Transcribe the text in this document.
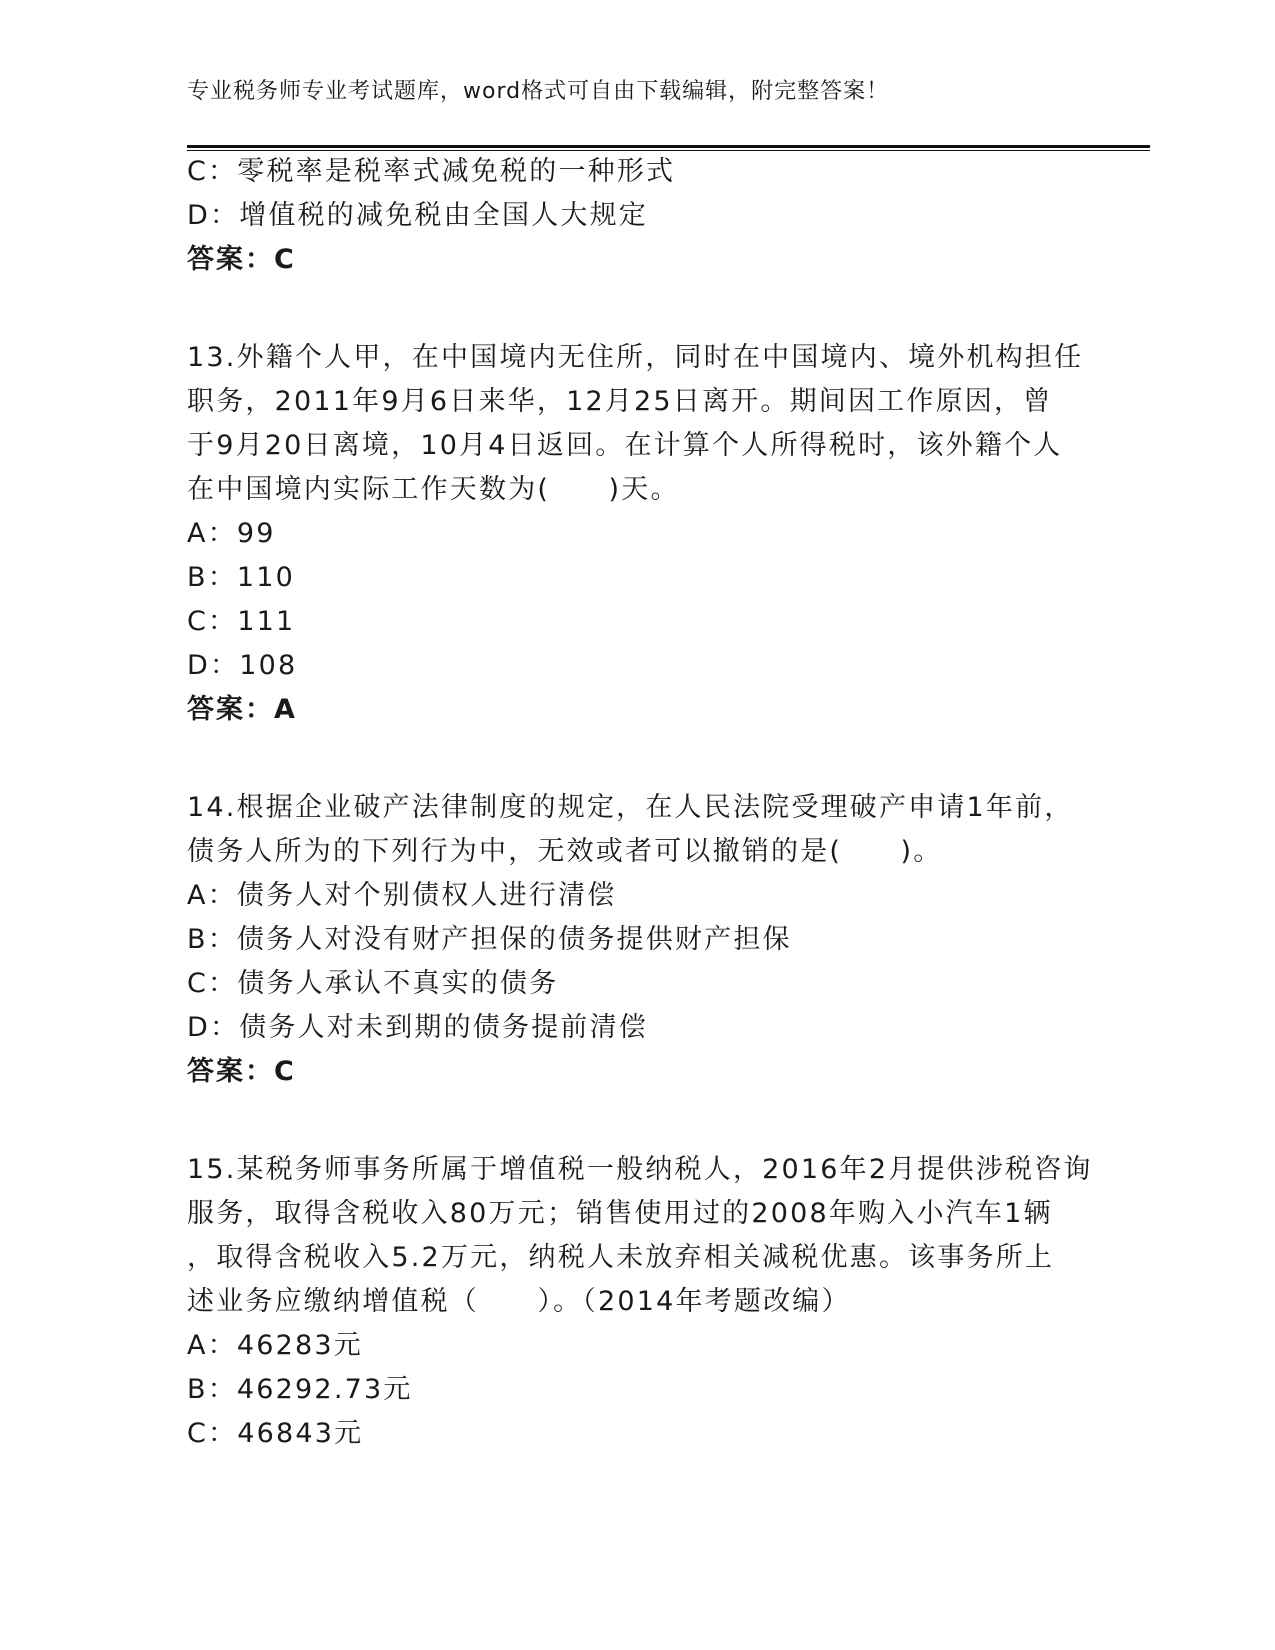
专业税务师专业考试题库，word格式可自由下载编辑，附完整答案！
C：零税率是税率式减免税的一种形式
D：增值税的减免税由全国人大规定
答案：C
13.外籍个人甲，在中国境内无住所，同时在中国境内、境外机构担任
职务，2011年9月6日来华，12月25日离开。期间因工作原因，曾
于9月20日离境，10月4日返回。在计算个人所得税时，该外籍个人
在中国境内实际工作天数为(　　)天。
A：99
B：110
C：111
D：108
答案：A
14.根据企业破产法律制度的规定，在人民法院受理破产申请1年前，
债务人所为的下列行为中，无效或者可以撤销的是(　　)。
A：债务人对个别债权人进行清偿
B：债务人对没有财产担保的债务提供财产担保
C：债务人承认不真实的债务
D：债务人对未到期的债务提前清偿
答案：C
15.某税务师事务所属于增值税一般纳税人，2016年2月提供涉税咨询
服务，取得含税收入80万元；销售使用过的2008年购入小汽车1辆
，取得含税收入5.2万元，纳税人未放弃相关减税优惠。该事务所上
述业务应缴纳增值税（　　）。（2014年考题改编）
A：46283元
B：46292.73元
C：46843元
